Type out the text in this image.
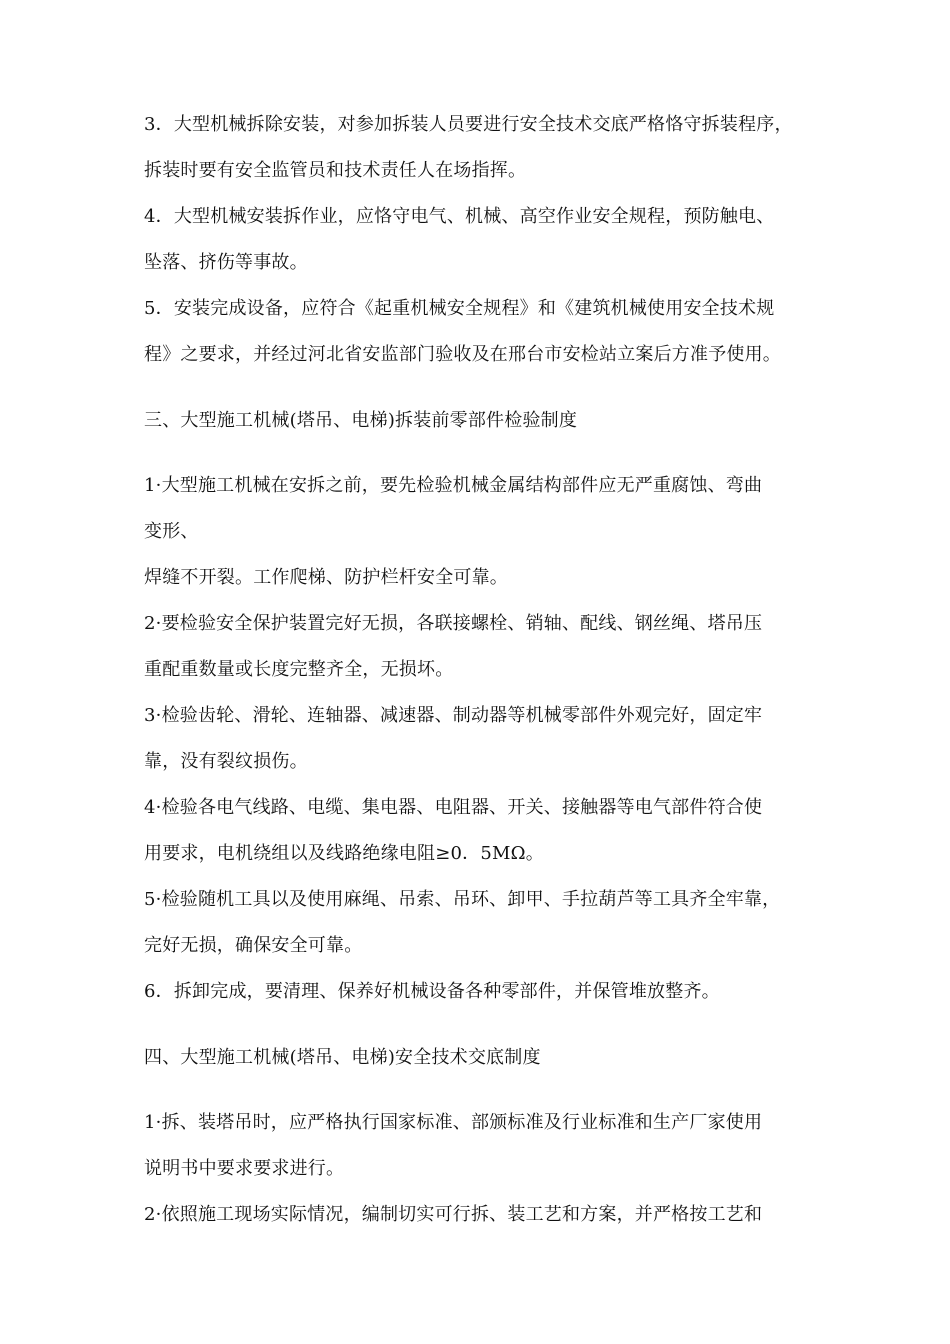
3．大型机械拆除安装，对参加拆装人员要进行安全技术交底严格恪守拆装程序，
拆装时要有安全监管员和技术责任人在场指挥。
4．大型机械安装拆作业，应恪守电气、机械、高空作业安全规程，预防触电、
坠落、挤伤等事故。
5．安装完成设备，应符合《起重机械安全规程》和《建筑机械使用安全技术规
程》之要求，并经过河北省安监部门验收及在邢台市安检站立案后方准予使用。
三、大型施工机械(塔吊、电梯)拆装前零部件检验制度
1·大型施工机械在安拆之前，要先检验机械金属结构部件应无严重腐蚀、弯曲
变形、
焊缝不开裂。工作爬梯、防护栏杆安全可靠。
2·要检验安全保护装置完好无损，各联接螺栓、销轴、配线、钢丝绳、塔吊压
重配重数量或长度完整齐全，无损坏。
3·检验齿轮、滑轮、连轴器、减速器、制动器等机械零部件外观完好，固定牢
靠，没有裂纹损伤。
4·检验各电气线路、电缆、集电器、电阻器、开关、接触器等电气部件符合使
用要求，电机绕组以及线路绝缘电阻≥0．5MΩ。
5·检验随机工具以及使用麻绳、吊索、吊环、卸甲、手拉葫芦等工具齐全牢靠，
完好无损，确保安全可靠。
6．拆卸完成，要清理、保养好机械设备各种零部件，并保管堆放整齐。
四、大型施工机械(塔吊、电梯)安全技术交底制度
1·拆、装塔吊时，应严格执行国家标准、部颁标准及行业标准和生产厂家使用
说明书中要求要求进行。
2·依照施工现场实际情况，编制切实可行拆、装工艺和方案，并严格按工艺和
